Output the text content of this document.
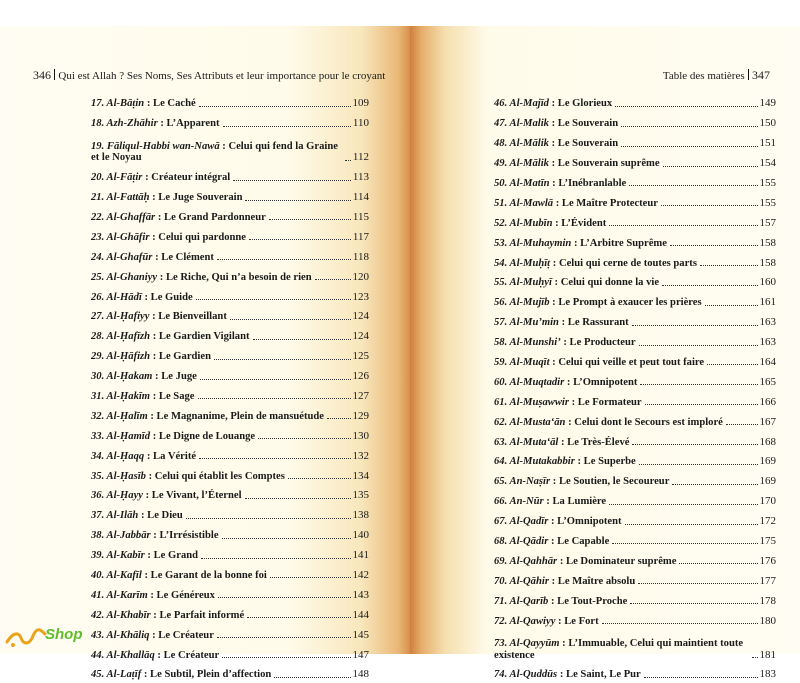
346 Qui est Allah ? Ses Noms, Ses Attributs et leur importance pour le croyant
17. Al-Bāṭin : Le Caché	109
18. Azh-Zhāhir : L’Apparent	110
19. Fāliqul-Habbi wan-Nawā : Celui qui fend la Graine et le Noyau	112
20. Al-Fāṭir : Créateur intégral	113
21. Al-Fattāḥ : Le Juge Souverain	114
22. Al-Ghaffār : Le Grand Pardonneur	115
23. Al-Ghāfir : Celui qui pardonne	117
24. Al-Ghafūr : Le Clément	118
25. Al-Ghaniyy : Le Riche, Qui n’a besoin de rien	120
26. Al-Hādī : Le Guide	123
27. Al-Ḥafiyy : Le Bienveillant	124
28. Al-Ḥafīzh : Le Gardien Vigilant	124
29. Al-Ḥāfizh : Le Gardien	125
30. Al-Ḥakam : Le Juge	126
31. Al-Ḥakīm : Le Sage	127
32. Al-Ḥalīm : Le Magnanime, Plein de mansuétude	129
33. Al-Ḥamīd : Le Digne de Louange	130
34. Al-Ḥaqq : La Vérité	132
35. Al-Ḥasīb : Celui qui établit les Comptes	134
36. Al-Ḥayy : Le Vivant, l’Éternel	135
37. Al-Ilāh : Le Dieu	138
38. Al-Jabbār : L’Irrésistible	140
39. Al-Kabīr : Le Grand	141
40. Al-Kafīl : Le Garant de la bonne foi	142
41. Al-Karīm : Le Généreux	143
42. Al-Khabīr : Le Parfait informé	144
43. Al-Khāliq : Le Créateur	145
44. Al-Khallāq : Le Créateur	147
45. Al-Laṭīf : Le Subtil, Plein d’affection	148
Table des matières 347
46. Al-Majīd : Le Glorieux	149
47. Al-Malik : Le Souverain	150
48. Al-Mālik : Le Souverain	151
49. Al-Mālik : Le Souverain suprême	154
50. Al-Matīn : L’Inébranlable	155
51. Al-Mawlā : Le Maître Protecteur	155
52. Al-Mubīn : L’Évident	157
53. Al-Muhaymin : L’Arbitre Suprême	158
54. Al-Muḥīṭ : Celui qui cerne de toutes parts	158
55. Al-Muḥyī : Celui qui donne la vie	160
56. Al-Mujīb : Le Prompt à exaucer les prières	161
57. Al-Mu’min : Le Rassurant	163
58. Al-Munshi’ : Le Producteur	163
59. Al-Muqīt : Celui qui veille et peut tout faire	164
60. Al-Muqtadir : L’Omnipotent	165
61. Al-Muṣawwir : Le Formateur	166
62. Al-Musta‘ān : Celui dont le Secours est imploré	167
63. Al-Muta‘āl : Le Très-Élevé	168
64. Al-Mutakabbir : Le Superbe	169
65. An-Naṣīr : Le Soutien, le Secoureur	169
66. An-Nūr : La Lumière	170
67. Al-Qadīr : L’Omnipotent	172
68. Al-Qādir : Le Capable	175
69. Al-Qahhār : Le Dominateur suprême	176
70. Al-Qāhir : Le Maître absolu	177
71. Al-Qarīb : Le Tout-Proche	178
72. Al-Qawiyy : Le Fort	180
73. Al-Qayyūm : L’Immuable, Celui qui maintient toute existence	181
74. Al-Quddūs : Le Saint, Le Pur	183
Shop
